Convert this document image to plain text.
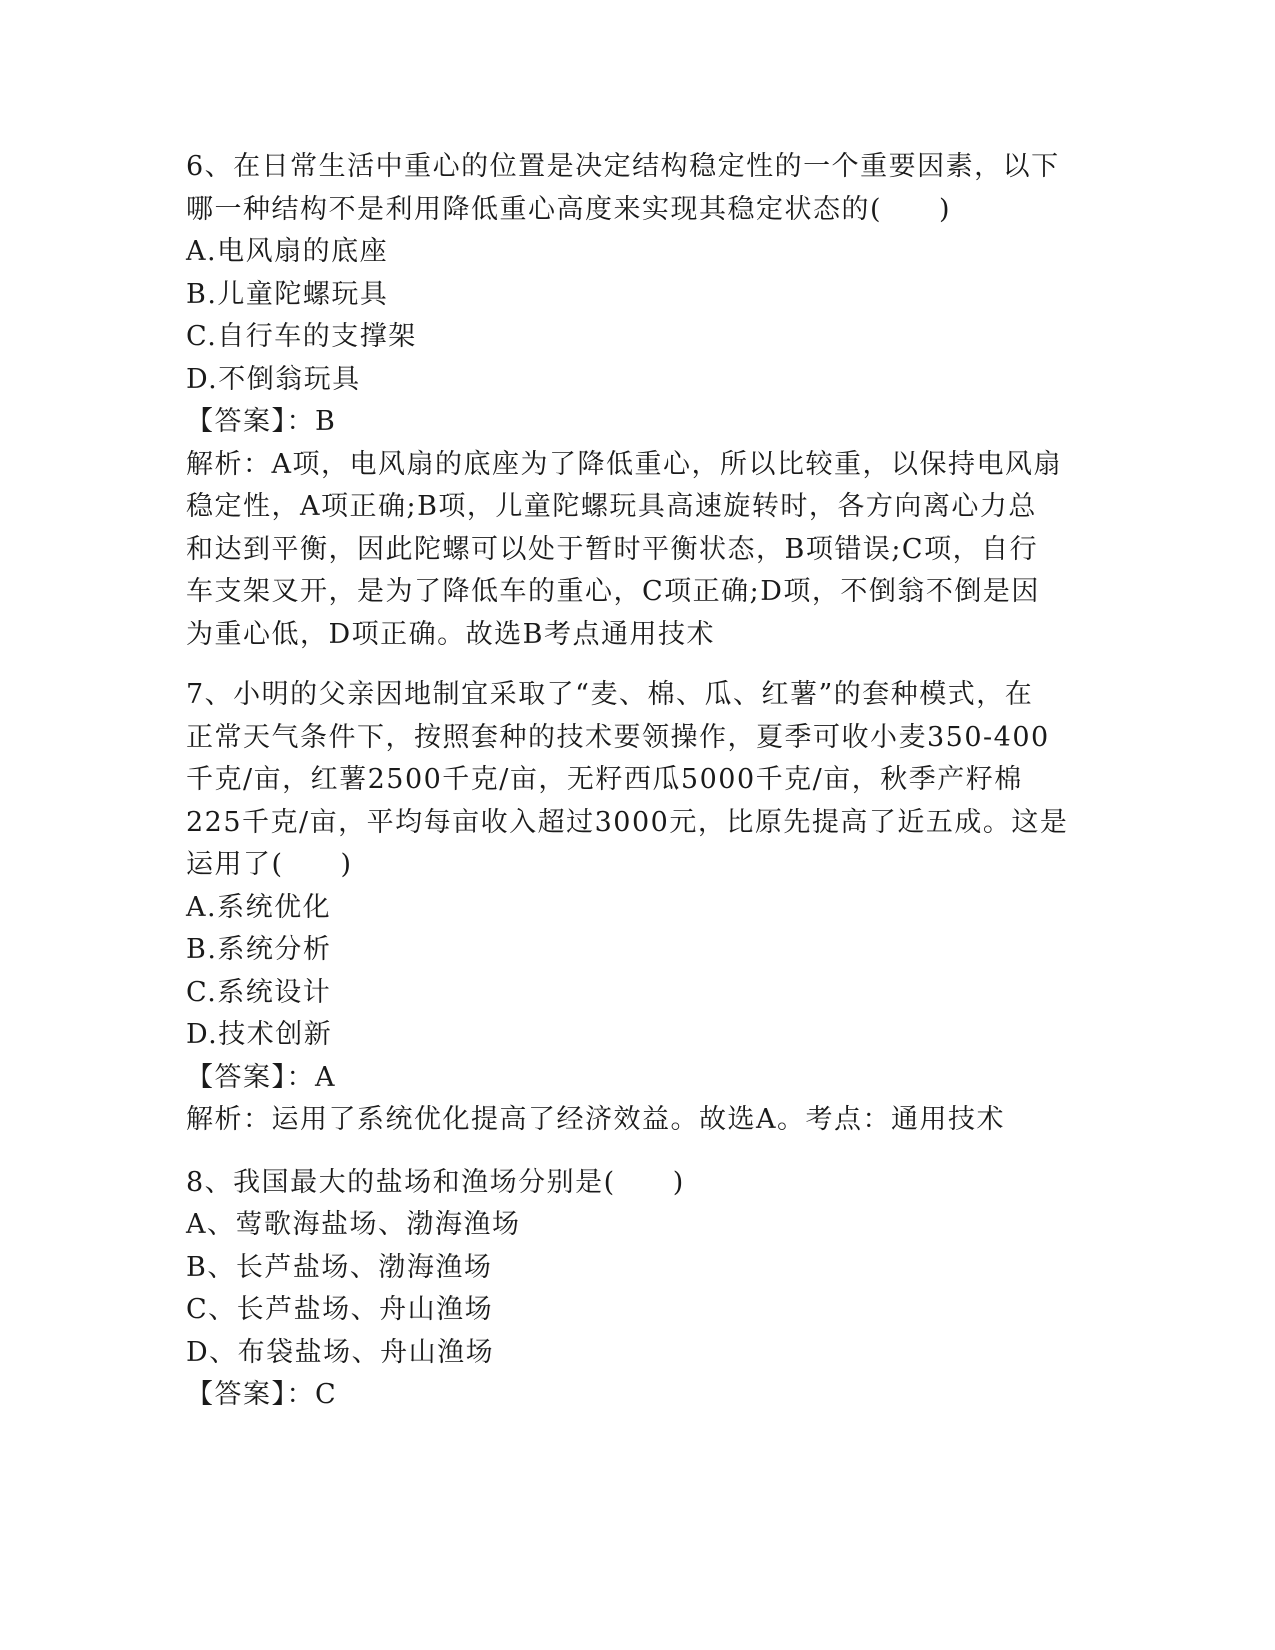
6、在日常生活中重心的位置是决定结构稳定性的一个重要因素，以下

哪一种结构不是利用降低重心高度来实现其稳定状态的(　　)

A.电风扇的底座

B.儿童陀螺玩具

C.自行车的支撑架

D.不倒翁玩具

【答案】：B

解析：A项，电风扇的底座为了降低重心，所以比较重，以保持电风扇

稳定性，A项正确;B项，儿童陀螺玩具高速旋转时，各方向离心力总

和达到平衡，因此陀螺可以处于暂时平衡状态，B项错误;C项，自行

车支架叉开，是为了降低车的重心，C项正确;D项，不倒翁不倒是因

为重心低，D项正确。故选B考点通用技术

7、小明的父亲因地制宜采取了“麦、棉、瓜、红薯”的套种模式，在

正常天气条件下，按照套种的技术要领操作，夏季可收小麦350-400

千克/亩，红薯2500千克/亩，无籽西瓜5000千克/亩，秋季产籽棉

225千克/亩，平均每亩收入超过3000元，比原先提高了近五成。这是

运用了(　　)

A.系统优化

B.系统分析

C.系统设计

D.技术创新

【答案】：A

解析：运用了系统优化提高了经济效益。故选A。考点：通用技术

8、我国最大的盐场和渔场分别是(　　)

A、莺歌海盐场、渤海渔场

B、长芦盐场、渤海渔场

C、长芦盐场、舟山渔场

D、布袋盐场、舟山渔场

【答案】：C
